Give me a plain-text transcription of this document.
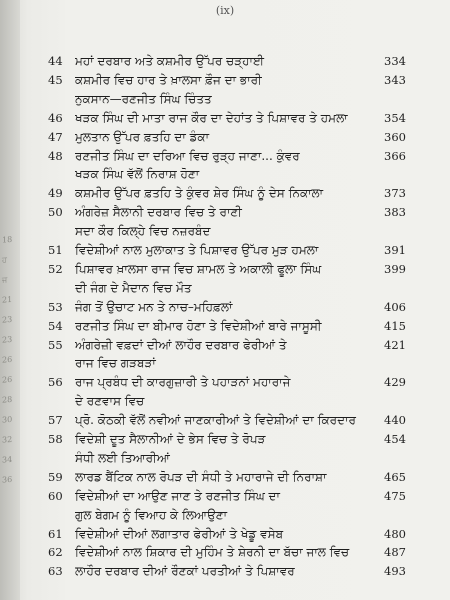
18
ਹ
ਜ
21
23
23
26
26
28
30
32
34
36
(ix)
44	ਮਹਾਂ ਦਰਬਾਰ ਅਤੇ ਕਸ਼ਮੀਰ ਉੱਪਰ ਚੜ੍ਹਾਈ	334
45	ਕਸ਼ਮੀਰ ਵਿਚ ਹਾਰ ਤੇ ਖ਼ਾਲਸਾ ਫ਼ੌਜ ਦਾ ਭਾਰੀ	343
ਨੁਕਸਾਨ—ਰਣਜੀਤ ਸਿੰਘ ਚਿੰਤਤ
46	ਖੜਕ ਸਿੰਘ ਦੀ ਮਾਤਾ ਰਾਜ ਕੌਰ ਦਾ ਦੇਹਾਂਤ ਤੇ ਪਿਸ਼ਾਵਰ ਤੇ ਹਮਲਾ	354
47	ਮੁਲਤਾਨ ਉੱਪਰ ਫ਼ਤਹਿ ਦਾ ਡੰਕਾ	360
48	ਰਣਜੀਤ ਸਿੰਘ ਦਾ ਦਰਿਆ ਵਿਚ ਰੁੜ੍ਹ ਜਾਣਾ... ਕੁੰਵਰ	366
ਖੜਕ ਸਿੰਘ ਵੱਲੋਂ ਨਿਰਾਸ਼ ਹੋਣਾ
49	ਕਸ਼ਮੀਰ ਉੱਪਰ ਫ਼ਤਹਿ ਤੇ ਕੁੰਵਰ ਸ਼ੇਰ ਸਿੰਘ ਨੂੰ ਦੇਸ ਨਿਕਾਲਾ	373
50	ਅੰਗਰੇਜ਼ ਸੈਲਾਨੀ ਦਰਬਾਰ ਵਿਚ ਤੇ ਰਾਣੀ	383
ਸਦਾ ਕੌਰ ਕਿਲ੍ਹੇ ਵਿਚ ਨਜ਼ਰਬੰਦ
51	ਵਿਦੇਸ਼ੀਆਂ ਨਾਲ ਮੁਲਾਕਾਤ ਤੇ ਪਿਸ਼ਾਵਰ ਉੱਪਰ ਮੁੜ ਹਮਲਾ	391
52	ਪਿਸ਼ਾਵਰ ਖ਼ਾਲਸਾ ਰਾਜ ਵਿਚ ਸ਼ਾਮਲ ਤੇ ਅਕਾਲੀ ਫੂਲਾ ਸਿੰਘ	399
ਦੀ ਜੰਗ ਦੇ ਮੈਦਾਨ ਵਿਚ ਮੌਤ
53	ਜੰਗ ਤੋਂ ਉਚਾਟ ਮਨ ਤੇ ਨਾਚ–ਮਹਿਫ਼ਲਾਂ	406
54	ਰਣਜੀਤ ਸਿੰਘ ਦਾ ਬੀਮਾਰ ਹੋਣਾ ਤੇ ਵਿਦੇਸ਼ੀਆਂ ਬਾਰੇ ਜਾਸੂਸੀ	415
55	ਅੰਗਰੇਜ਼ੀ ਵਫ਼ਦਾਂ ਦੀਆਂ ਲਾਹੌਰ ਦਰਬਾਰ ਫੇਰੀਆਂ ਤੇ	421
ਰਾਜ ਵਿਚ ਗੜਬੜਾਂ
56	ਰਾਜ ਪ੍ਰਬੰਧ ਦੀ ਕਾਰਗੁਜ਼ਾਰੀ ਤੇ ਪਹਾੜਨਾਂ ਮਹਾਰਾਜੇ	429
ਦੇ ਰਣਵਾਸ ਵਿਚ
57	ਪ੍ਰੋ. ਕੋਠਕੀ ਵੱਲੋਂ ਨਵੀਆਂ ਜਾਣਕਾਰੀਆਂ ਤੇ ਵਿਦੇਸ਼ੀਆਂ ਦਾ ਕਿਰਦਾਰ	440
58	ਵਿਦੇਸ਼ੀ ਦੂਤ ਸੈਲਾਨੀਆਂ ਦੇ ਭੇਸ ਵਿਚ ਤੇ ਰੋਪੜ	454
ਸੰਧੀ ਲਈ ਤਿਆਰੀਆਂ
59	ਲਾਰਡ ਬੈਂਟਿਕ ਨਾਲ ਰੋਪੜ ਦੀ ਸੰਧੀ ਤੇ ਮਹਾਰਾਜੇ ਦੀ ਨਿਰਾਸ਼ਾ	465
60	ਵਿਦੇਸ਼ੀਆਂ ਦਾ ਆਉਣ ਜਾਣ ਤੇ ਰਣਜੀਤ ਸਿੰਘ ਦਾ	475
ਗੁਲ ਬੇਗਮ ਨੂੰ ਵਿਆਹ ਕੇ ਲਿਆਉਣਾ
61	ਵਿਦੇਸ਼ੀਆਂ ਦੀਆਂ ਲਗਾਤਾਰ ਫੇਰੀਆਂ ਤੇ ਖੇਡੂ ਵਸੇਬ	480
62	ਵਿਦੇਸ਼ੀਆਂ ਨਾਲ ਸ਼ਿਕਾਰ ਦੀ ਮੁਹਿੰਮ ਤੇ ਸ਼ੇਰਨੀ ਦਾ ਬੱਚਾ ਜਾਲ ਵਿਚ	487
63	ਲਾਹੌਰ ਦਰਬਾਰ ਦੀਆਂ ਰੌਣਕਾਂ ਪਰਤੀਆਂ ਤੇ ਪਿਸ਼ਾਵਰ	493
